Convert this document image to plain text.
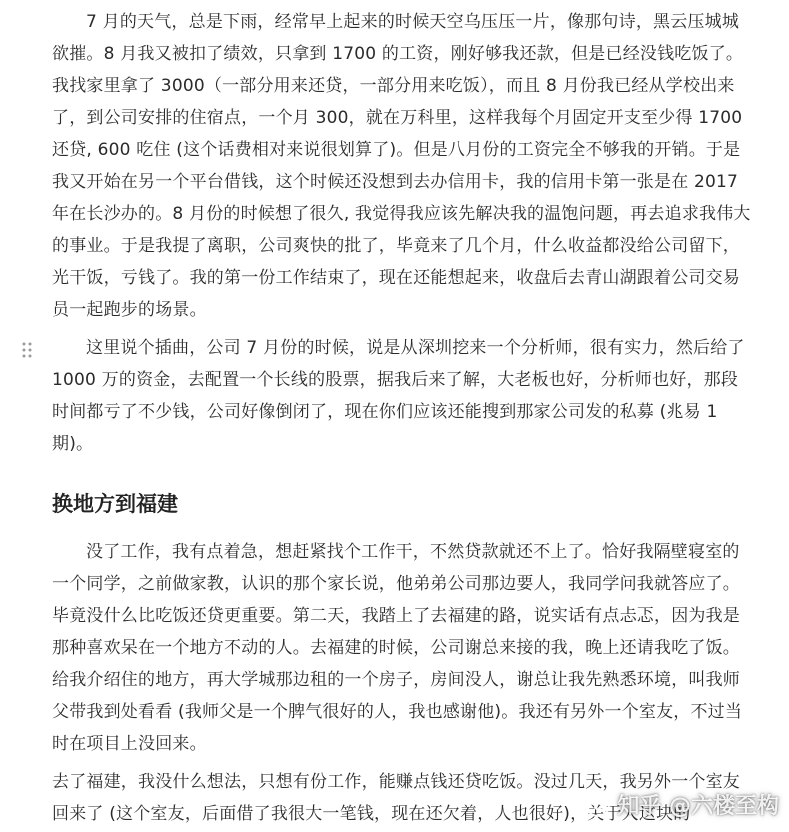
7 月的天气，总是下雨，经常早上起来的时候天空乌压压一片，像那句诗，黑云压城城欲摧。8 月我又被扣了绩效，只拿到 1700 的工资，刚好够我还款，但是已经没钱吃饭了。我找家里拿了 3000（一部分用来还贷，一部分用来吃饭），而且 8 月份我已经从学校出来了，到公司安排的住宿点，一个月 300，就在万科里，这样我每个月固定开支至少得 1700 还贷, 600 吃住 (这个话费相对来说很划算了)。但是八月份的工资完全不够我的开销。于是我又开始在另一个平台借钱，这个时候还没想到去办信用卡，我的信用卡第一张是在 2017 年在长沙办的。8 月份的时候想了很久, 我觉得我应该先解决我的温饱问题，再去追求我伟大的事业。于是我提了离职，公司爽快的批了，毕竟来了几个月，什么收益都没给公司留下，光干饭，亏钱了。我的第一份工作结束了，现在还能想起来，收盘后去青山湖跟着公司交易员一起跑步的场景。

这里说个插曲，公司 7 月份的时候，说是从深圳挖来一个分析师，很有实力，然后给了 1000 万的资金，去配置一个长线的股票，据我后来了解，大老板也好，分析师也好，那段时间都亏了不少钱，公司好像倒闭了，现在你们应该还能搜到那家公司发的私募 (兆易 1 期)。

换地方到福建

没了工作，我有点着急，想赶紧找个工作干，不然贷款就还不上了。恰好我隔壁寝室的一个同学，之前做家教，认识的那个家长说，他弟弟公司那边要人，我同学问我就答应了。毕竟没什么比吃饭还贷更重要。第二天，我踏上了去福建的路，说实话有点忐忑，因为我是那种喜欢呆在一个地方不动的人。去福建的时候，公司谢总来接的我，晚上还请我吃了饭。给我介绍住的地方，再大学城那边租的一个房子，房间没人，谢总让我先熟悉环境，叫我师父带我到处看看 (我师父是一个脾气很好的人，我也感谢他)。我还有另外一个室友，不过当时在项目上没回来。

去了福建，我没什么想法，只想有份工作，能赚点钱还贷吃饭。没过几天，我另外一个室友回来了 (这个室友，后面借了我很大一笔钱，现在还欠着，人也很好)，关于人这块的

知乎 @六楼至构
